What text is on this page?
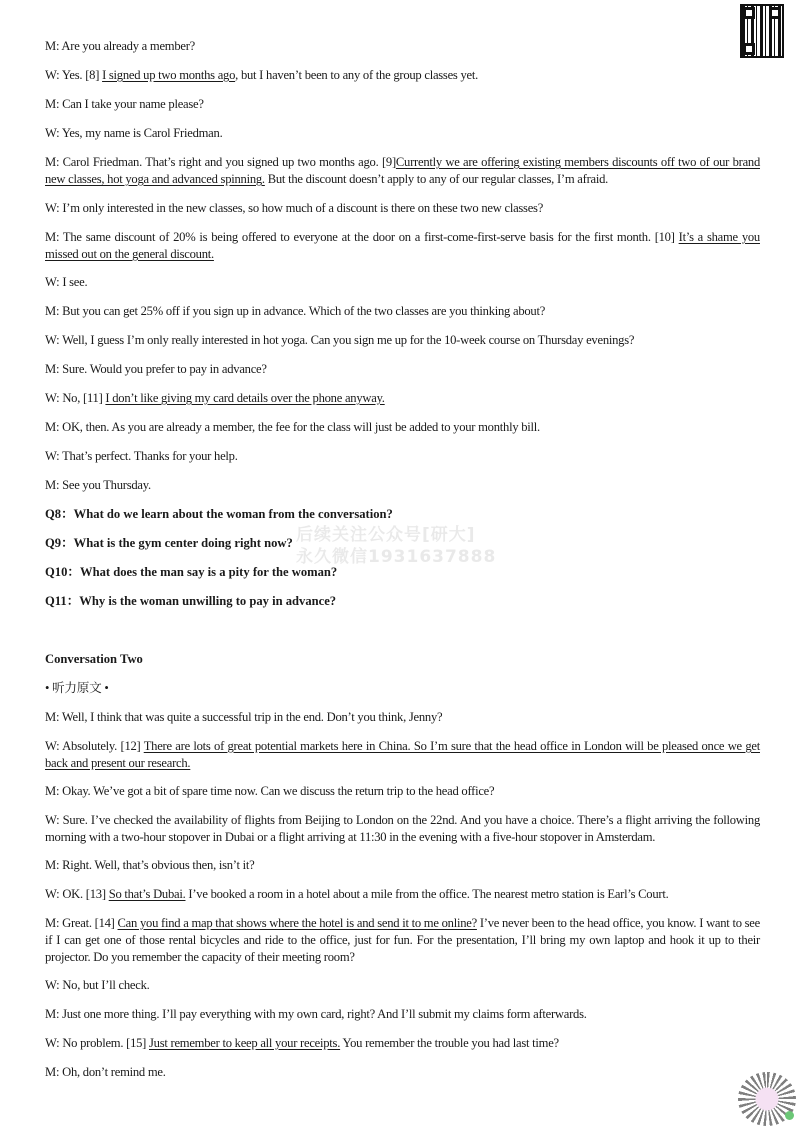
M: Are you already a member?
W: Yes. [8] I signed up two months ago, but I haven’t been to any of the group classes yet.
M: Can I take your name please?
W: Yes, my name is Carol Friedman.
M: Carol Friedman. That’s right and you signed up two months ago. [9]Currently we are offering existing members discounts off two of our brand new classes, hot yoga and advanced spinning. But the discount doesn’t apply to any of our regular classes, I’m afraid.
W: I’m only interested in the new classes, so how much of a discount is there on these two new classes?
M: The same discount of 20% is being offered to everyone at the door on a first-come-first-serve basis for the first month. [10] It’s a shame you missed out on the general discount.
W: I see.
M: But you can get 25% off if you sign up in advance. Which of the two classes are you thinking about?
W: Well, I guess I’m only really interested in hot yoga. Can you sign me up for the 10-week course on Thursday evenings?
M: Sure. Would you prefer to pay in advance?
W: No, [11] I don’t like giving my card details over the phone anyway.
M: OK, then. As you are already a member, the fee for the class will just be added to your monthly bill.
W: That’s perfect. Thanks for your help.
M: See you Thursday.
Q8：What do we learn about the woman from the conversation?
Q9：What is the gym center doing right now?
Q10：What does the man say is a pity for the woman?
Q11：Why is the woman unwilling to pay in advance?
Conversation Two
• 听力原文 •
M: Well, I think that was quite a successful trip in the end. Don’t you think, Jenny?
W: Absolutely. [12] There are lots of great potential markets here in China. So I’m sure that the head office in London will be pleased once we get back and present our research.
M: Okay. We’ve got a bit of spare time now. Can we discuss the return trip to the head office?
W: Sure. I’ve checked the availability of flights from Beijing to London on the 22nd. And you have a choice. There’s a flight arriving the following morning with a two-hour stopover in Dubai or a flight arriving at 11:30 in the evening with a five-hour stopover in Amsterdam.
M: Right. Well, that’s obvious then, isn’t it?
W: OK. [13] So that’s Dubai. I’ve booked a room in a hotel about a mile from the office. The nearest metro station is Earl’s Court.
M: Great. [14] Can you find a map that shows where the hotel is and send it to me online? I’ve never been to the head office, you know. I want to see if I can get one of those rental bicycles and ride to the office, just for fun. For the presentation, I’ll bring my own laptop and hook it up to their projector. Do you remember the capacity of their meeting room?
W: No, but I’ll check.
M: Just one more thing. I’ll pay everything with my own card, right? And I’ll submit my claims form afterwards.
W: No problem. [15] Just remember to keep all your receipts. You remember the trouble you had last time?
M: Oh, don’t remind me.
后续关注公众号[研大]
永久微信1931637888
